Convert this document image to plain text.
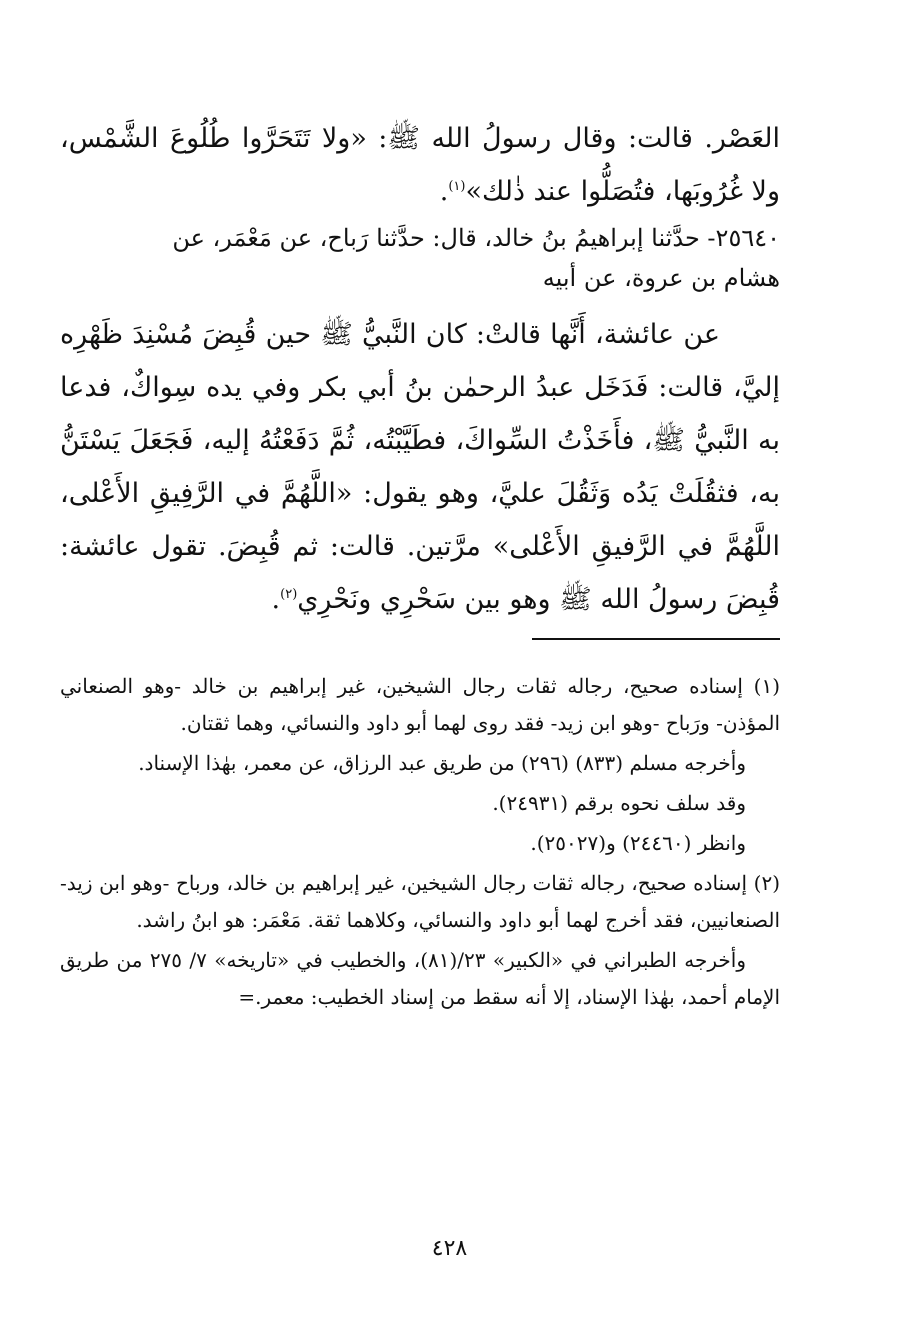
العَصْر. قالت: وقال رسولُ الله ﷺ: «ولا تَتَحَرَّوا طُلُوعَ الشَّمْس، ولا غُرُوبَها، فتُصَلُّوا عند ذٰلك»$^{(١)}$.

٢٥٦٤٠- حدَّثنا إبراهيمُ بنُ خالد، قال: حدَّثنا رَباح، عن مَعْمَر، عن

هشام بن عروة، عن أبيه

عن عائشة، أَنَّها قالتْ: كان النَّبيُّ ﷺ حين قُبِضَ مُسْنِدَ ظَهْرِه إليَّ، قالت: فَدَخَل عبدُ الرحمٰن بنُ أبي بكر وفي يده سِواكٌ، فدعا به النَّبيُّ ﷺ، فأَخَذْتُ السِّواكَ، فطَيَّبْتُه، ثُمَّ دَفَعْتُهُ إليه، فَجَعَلَ يَسْتَنُّ به، فثقُلَتْ يَدُه وَثَقُلَ عليَّ، وهو يقول: «اللَّهُمَّ في الرَّفِيقِ الأَعْلى، اللَّهُمَّ في الرَّفيقِ الأَعْلى» مرَّتين. قالت: ثم قُبِضَ. تقول عائشة: قُبِضَ رسولُ الله ﷺ وهو بين سَحْرِي ونَحْرِي$^{(٢)}$.

(١) إسناده صحيح، رجاله ثقات رجال الشيخين، غير إبراهيم بن خالد -وهو الصنعاني المؤذن- ورَباح -وهو ابن زيد- فقد روى لهما أبو داود والنسائي، وهما ثقتان.

وأخرجه مسلم (٨٣٣) (٢٩٦) من طريق عبد الرزاق، عن معمر، بهٰذا الإسناد.

وقد سلف نحوه برقم (٢٤٩٣١).

وانظر (٢٤٤٦٠) و(٢٥٠٢٧).

(٢) إسناده صحيح، رجاله ثقات رجال الشيخين، غير إبراهيم بن خالد، ورباح -وهو ابن زيد- الصنعانيين، فقد أخرج لهما أبو داود والنسائي، وكلاهما ثقة. مَعْمَر: هو ابنُ راشد.

وأخرجه الطبراني في «الكبير» ٢٣/(٨١)، والخطيب في «تاريخه» ٧/ ٢٧٥ من طريق الإمام أحمد، بهٰذا الإسناد، إلا أنه سقط من إسناد الخطيب: معمر.=

٤٢٨
